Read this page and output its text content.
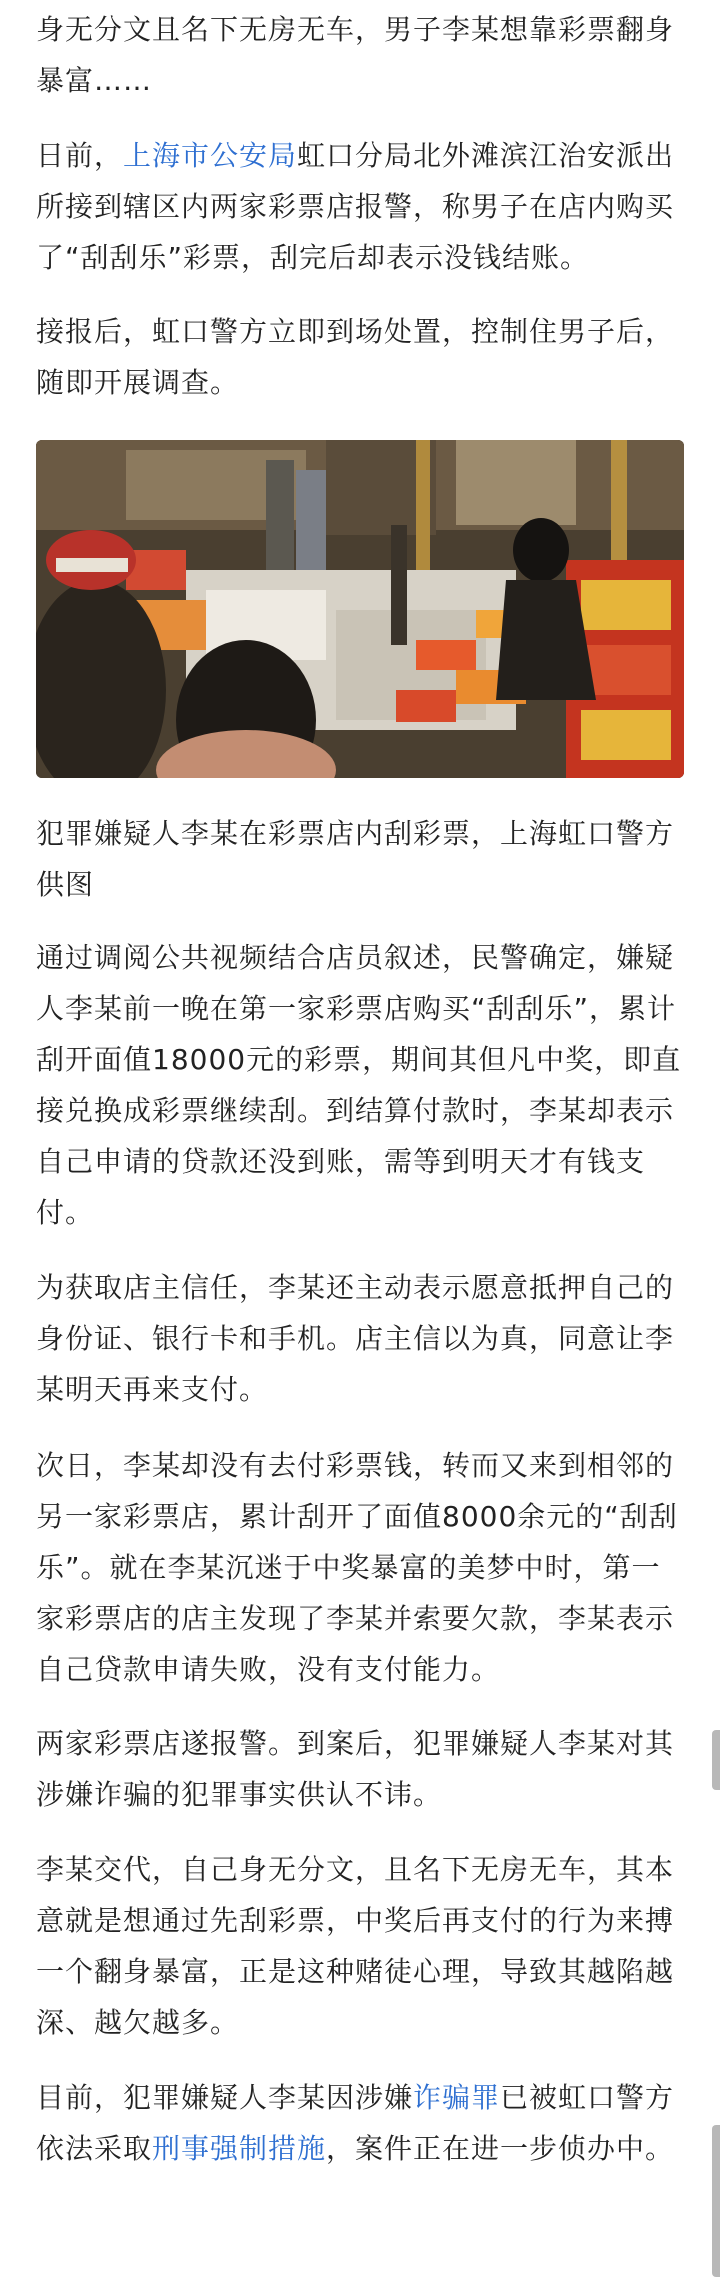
身无分文且名下无房无车，男子李某想靠彩票翻身暴富……

日前，上海市公安局虹口分局北外滩滨江治安派出所接到辖区内两家彩票店报警，称男子在店内购买了“刮刮乐”彩票，刮完后却表示没钱结账。

接报后，虹口警方立即到场处置，控制住男子后，随即开展调查。

犯罪嫌疑人李某在彩票店内刮彩票，上海虹口警方供图

通过调阅公共视频结合店员叙述，民警确定，嫌疑人李某前一晚在第一家彩票店购买“刮刮乐”，累计刮开面值18000元的彩票，期间其但凡中奖，即直接兑换成彩票继续刮。到结算付款时，李某却表示自己申请的贷款还没到账，需等到明天才有钱支付。

为获取店主信任，李某还主动表示愿意抵押自己的身份证、银行卡和手机。店主信以为真，同意让李某明天再来支付。

次日，李某却没有去付彩票钱，转而又来到相邻的另一家彩票店，累计刮开了面值8000余元的“刮刮乐”。就在李某沉迷于中奖暴富的美梦中时，第一家彩票店的店主发现了李某并索要欠款，李某表示自己贷款申请失败，没有支付能力。

两家彩票店遂报警。到案后，犯罪嫌疑人李某对其涉嫌诈骗的犯罪事实供认不讳。

李某交代，自己身无分文，且名下无房无车，其本意就是想通过先刮彩票，中奖后再支付的行为来搏一个翻身暴富，正是这种赌徒心理，导致其越陷越深、越欠越多。

目前，犯罪嫌疑人李某因涉嫌诈骗罪已被虹口警方依法采取刑事强制措施，案件正在进一步侦办中。
